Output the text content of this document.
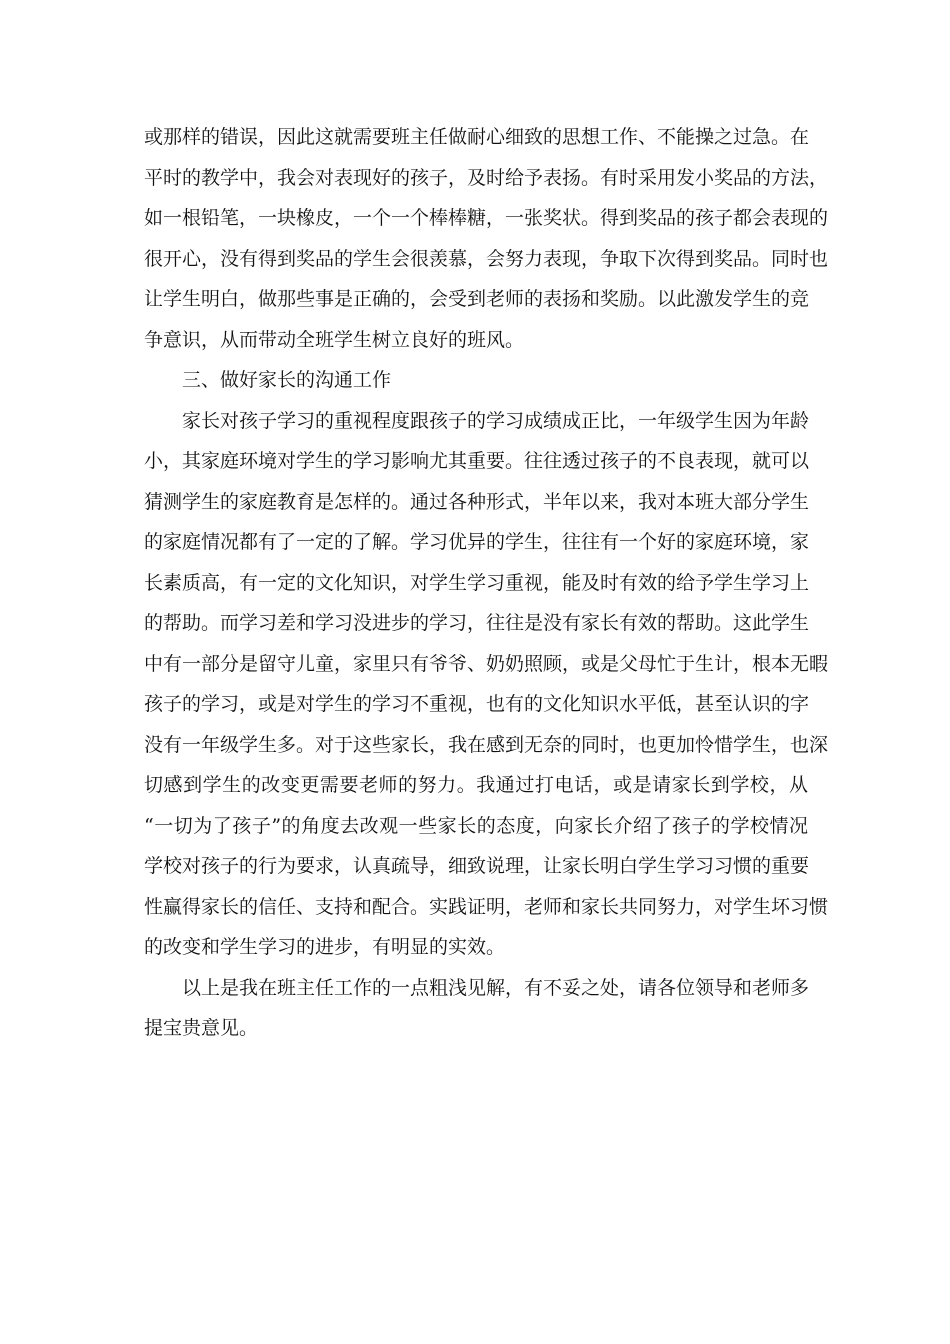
或那样的错误，因此这就需要班主任做耐心细致的思想工作、不能操之过急。在
平时的教学中，我会对表现好的孩子，及时给予表扬。有时采用发小奖品的方法，
如一根铅笔，一块橡皮，一个一个棒棒糖，一张奖状。得到奖品的孩子都会表现的
很开心，没有得到奖品的学生会很羡慕，会努力表现，争取下次得到奖品。同时也
让学生明白，做那些事是正确的，会受到老师的表扬和奖励。以此激发学生的竞
争意识，从而带动全班学生树立良好的班风。
三、做好家长的沟通工作
家长对孩子学习的重视程度跟孩子的学习成绩成正比，一年级学生因为年龄
小，其家庭环境对学生的学习影响尤其重要。往往透过孩子的不良表现，就可以
猜测学生的家庭教育是怎样的。通过各种形式，半年以来，我对本班大部分学生
的家庭情况都有了一定的了解。学习优异的学生，往往有一个好的家庭环境，家
长素质高，有一定的文化知识，对学生学习重视，能及时有效的给予学生学习上
的帮助。而学习差和学习没进步的学习，往往是没有家长有效的帮助。这此学生
中有一部分是留守儿童，家里只有爷爷、奶奶照顾，或是父母忙于生计，根本无暇
孩子的学习，或是对学生的学习不重视，也有的文化知识水平低，甚至认识的字
没有一年级学生多。对于这些家长，我在感到无奈的同时，也更加怜惜学生，也深
切感到学生的改变更需要老师的努力。我通过打电话，或是请家长到学校，从
“一切为了孩子”的角度去改观一些家长的态度，向家长介绍了孩子的学校情况
学校对孩子的行为要求，认真疏导，细致说理，让家长明白学生学习习惯的重要
性赢得家长的信任、支持和配合。实践证明，老师和家长共同努力，对学生坏习惯
的改变和学生学习的进步，有明显的实效。
以上是我在班主任工作的一点粗浅见解，有不妥之处，请各位领导和老师多
提宝贵意见。
